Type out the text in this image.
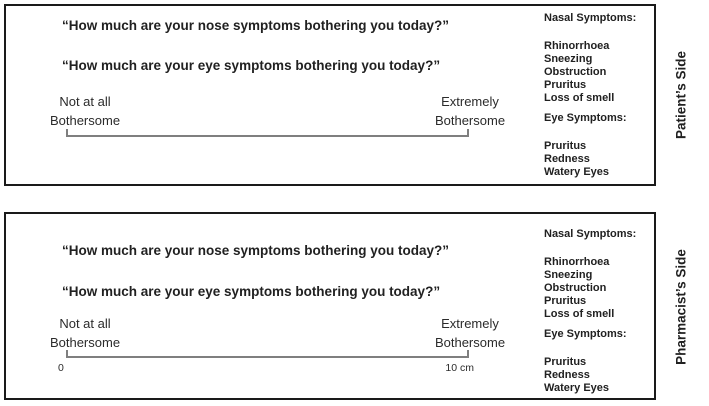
“How much are your nose symptoms bothering you today?”
“How much are your eye symptoms bothering you today?”
Not at all
Bothersome
Extremely
Bothersome
Nasal Symptoms:
Rhinorrhoea
Sneezing
Obstruction
Pruritus
Loss of smell
Eye Symptoms:
Pruritus
Redness
Watery Eyes
“How much are your nose symptoms bothering you today?”
“How much are your eye symptoms bothering you today?”
Not at all
Bothersome
Extremely
Bothersome
0	10 cm
Nasal Symptoms:
Rhinorrhoea
Sneezing
Obstruction
Pruritus
Loss of smell
Eye Symptoms:
Pruritus
Redness
Watery Eyes
Patient’s Side
Pharmacist’s Side
